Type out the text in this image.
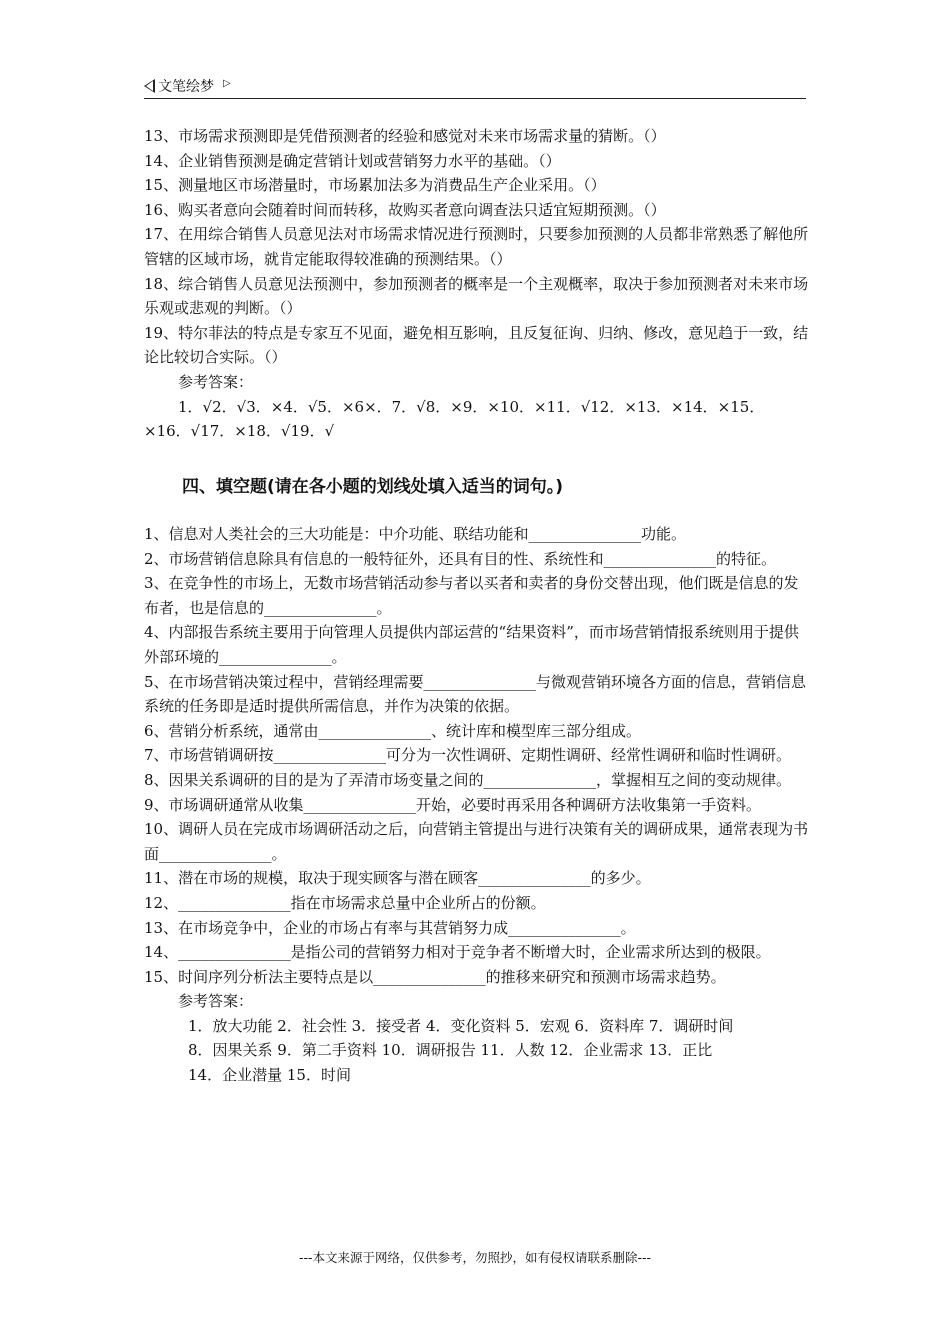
文笔绘梦 ▷

13、市场需求预测即是凭借预测者的经验和感觉对未来市场需求量的猜断。（）

14、企业销售预测是确定营销计划或营销努力水平的基础。（）

15、测量地区市场潜量时，市场累加法多为消费品生产企业采用。（）

16、购买者意向会随着时间而转移，故购买者意向调查法只适宜短期预测。（）

17、在用综合销售人员意见法对市场需求情况进行预测时，只要参加预测的人员都非常熟悉了解他所管辖的区域市场，就肯定能取得较准确的预测结果。（）

18、综合销售人员意见法预测中，参加预测者的概率是一个主观概率，取决于参加预测者对未来市场乐观或悲观的判断。（）

19、特尔菲法的特点是专家互不见面，避免相互影响，且反复征询、归纳、修改，意见趋于一致，结论比较切合实际。（）

参考答案：

1．√2．√3．×4．√5．×6×．7．√8．×9．×10．×11．√12．×13．×14．×15．

×16．√17．×18．√19．√

四、填空题(请在各小题的划线处填入适当的词句。)

1、信息对人类社会的三大功能是：中介功能、联结功能和_______________功能。

2、市场营销信息除具有信息的一般特征外，还具有目的性、系统性和_______________的特征。

3、在竞争性的市场上，无数市场营销活动参与者以买者和卖者的身份交替出现，他们既是信息的发布者，也是信息的_______________。

4、内部报告系统主要用于向管理人员提供内部运营的“结果资料”，而市场营销情报系统则用于提供外部环境的_______________。

5、在市场营销决策过程中，营销经理需要_______________与微观营销环境各方面的信息，营销信息系统的任务即是适时提供所需信息，并作为决策的依据。

6、营销分析系统，通常由_______________、统计库和模型库三部分组成。

7、市场营销调研按_______________可分为一次性调研、定期性调研、经常性调研和临时性调研。

8、因果关系调研的目的是为了弄清市场变量之间的_______________，掌握相互之间的变动规律。

9、市场调研通常从收集_______________开始，必要时再采用各种调研方法收集第一手资料。

10、调研人员在完成市场调研活动之后，向营销主管提出与进行决策有关的调研成果，通常表现为书面_______________。

11、潜在市场的规模，取决于现实顾客与潜在顾客_______________的多少。

12、_______________指在市场需求总量中企业所占的份额。

13、在市场竞争中，企业的市场占有率与其营销努力成_______________。

14、_______________是指公司的营销努力相对于竞争者不断增大时，企业需求所达到的极限。

15、时间序列分析法主要特点是以_______________的推移来研究和预测市场需求趋势。

参考答案：

1．放大功能 2．社会性 3．接受者 4．变化资料 5．宏观 6．资料库 7．调研时间

8．因果关系 9．第二手资料 10．调研报告 11．人数 12．企业需求 13．正比

14．企业潜量 15．时间

---本文来源于网络，仅供参考，勿照抄，如有侵权请联系删除---
